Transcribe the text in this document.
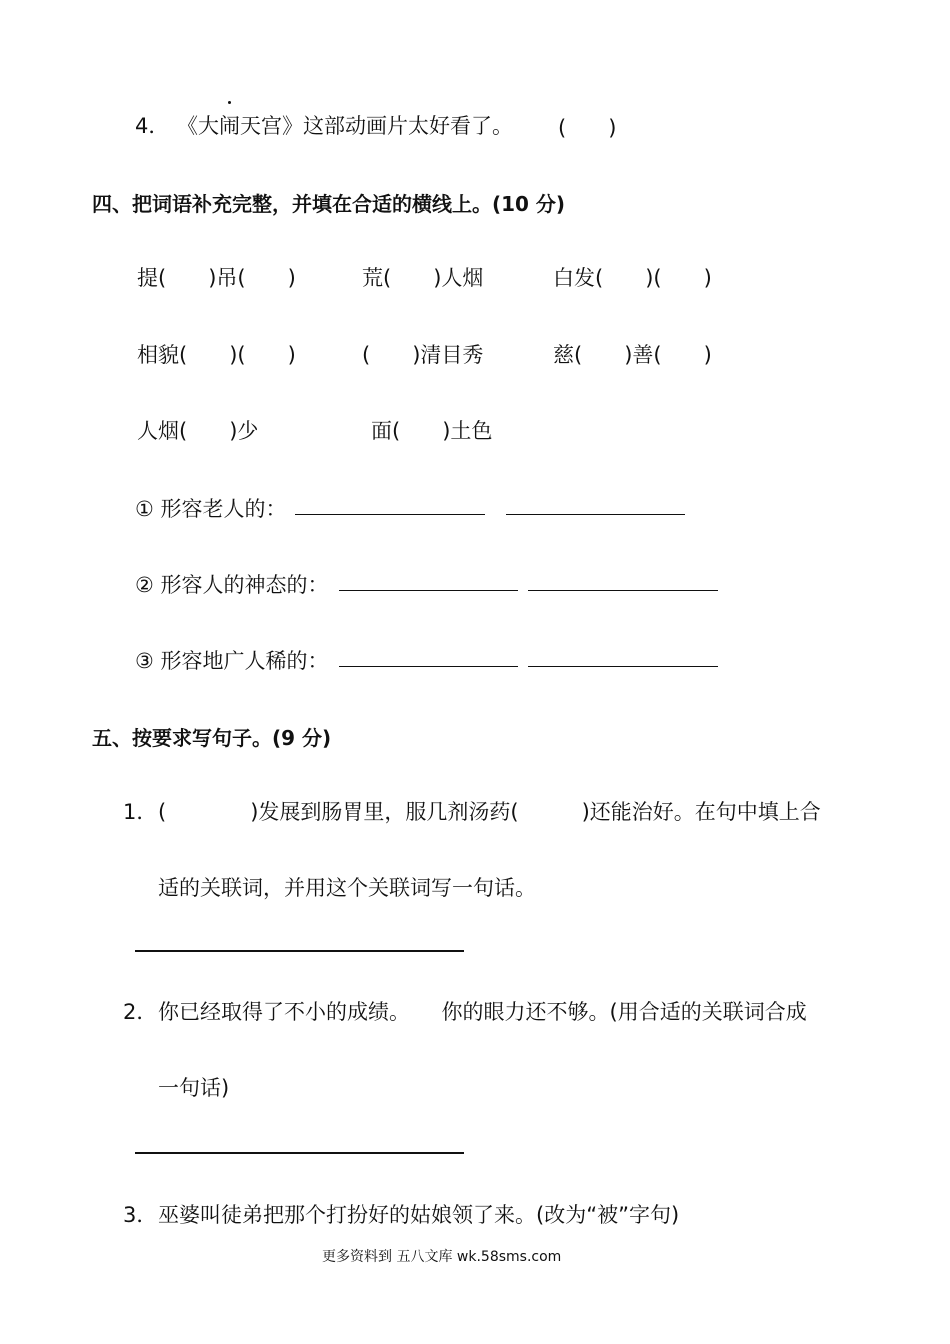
4． 《大闹天宫》这部动画片太好看了。 (　　)
四、把词语补充完整，并填在合适的横线上。(10 分)
提(　　)吊(　　)	荒(　　)人烟	白发(　　)(　　)
相貌(　　)(　　)	(　　)清目秀	慈(　　)善(　　)
人烟(　　)少	面(　　)土色
① 形容老人的：
② 形容人的神态的：
③ 形容地广人稀的：
五、按要求写句子。(9 分)
1． (　　　　)发展到肠胃里，服几剂汤药(　　　)还能治好。在句中填上合
适的关联词，并用这个关联词写一句话。
2． 你已经取得了不小的成绩。　　你的眼力还不够。(用合适的关联词合成
一句话)
3． 巫婆叫徒弟把那个打扮好的姑娘领了来。(改为“被”字句)
更多资料到 五八文库 wk.58sms.com
